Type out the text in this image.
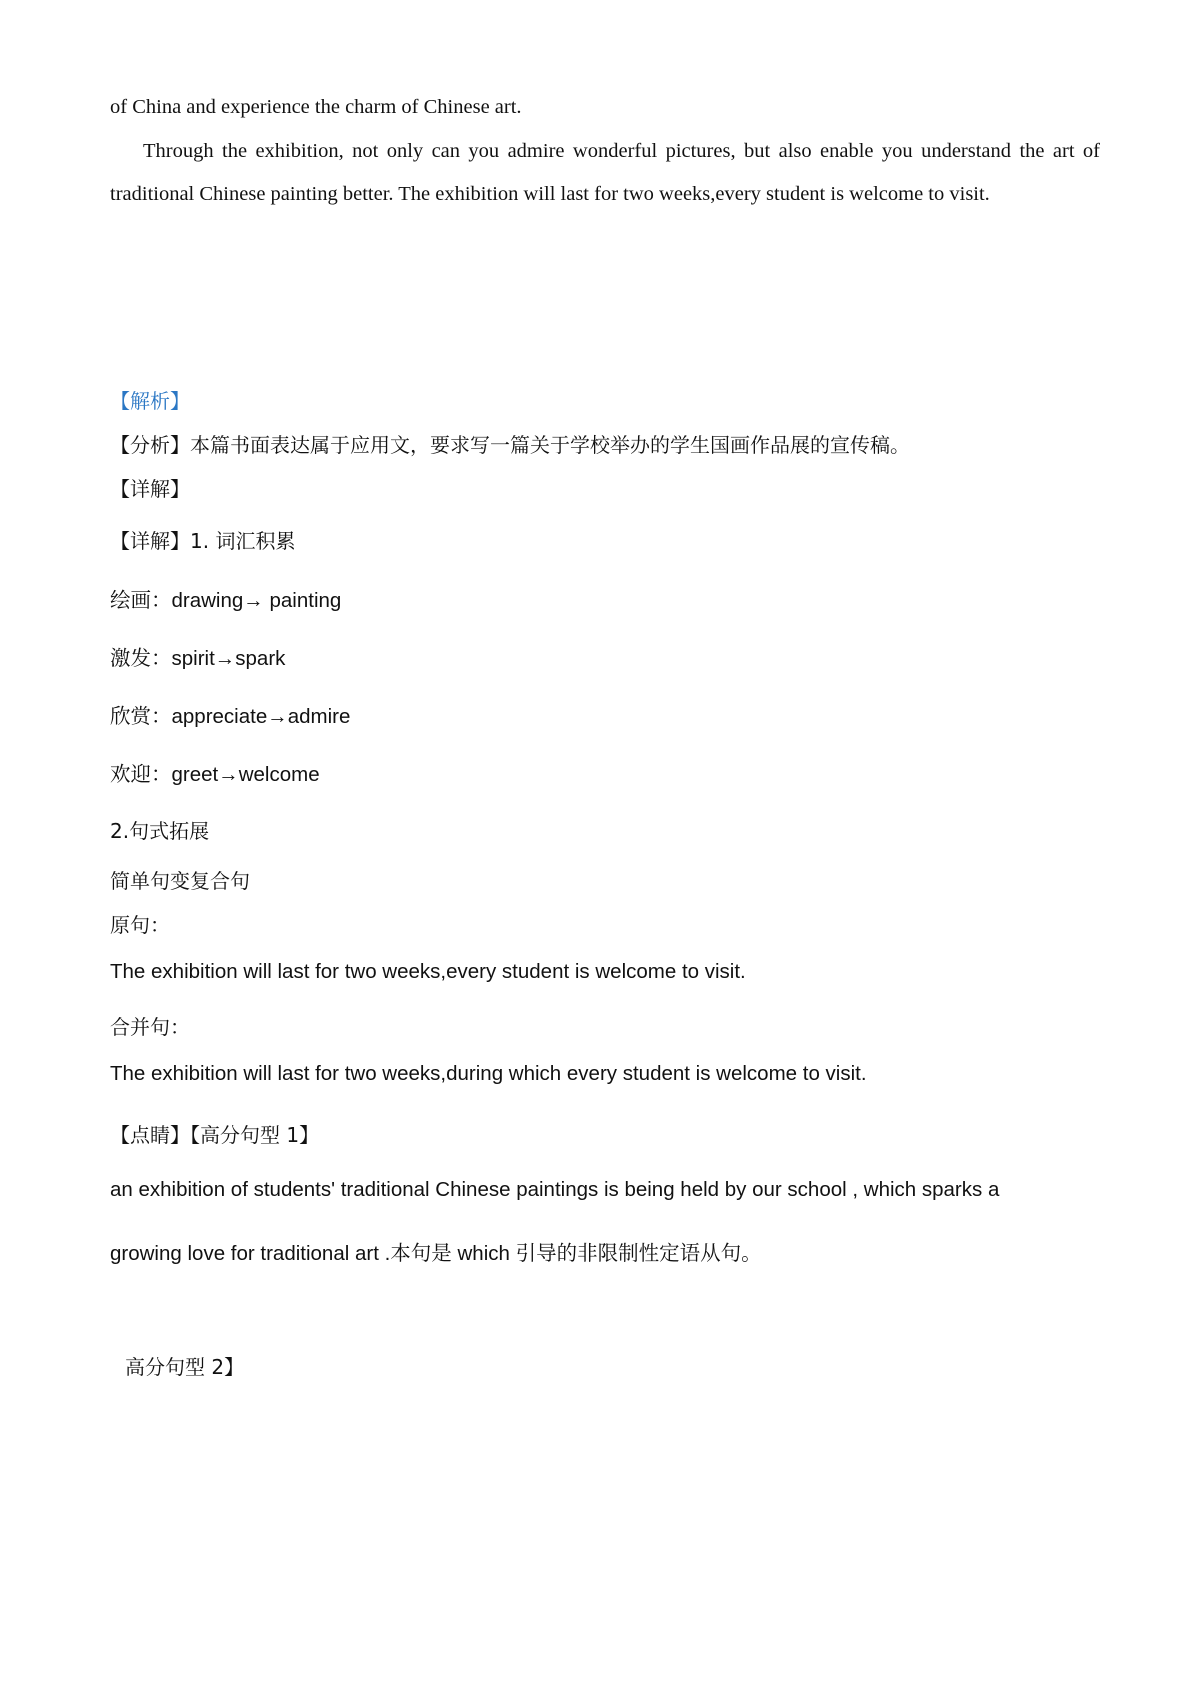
of China and experience the charm of Chinese art.

Through the exhibition, not only can you admire wonderful pictures, but also enable you understand the art of

traditional Chinese painting better. The exhibition will last for two weeks,every student is welcome to visit.

【解析】

【分析】本篇书面表达属于应用文，要求写一篇关于学校举办的学生国画作品展的宣传稿。

【详解】

【详解】1. 词汇积累

绘画：drawing→ painting

激发：spirit→spark

欣赏：appreciate→admire

欢迎：greet→welcome

2.句式拓展

简单句变复合句

原句：

The exhibition will last for two weeks,every student is welcome to visit.

合并句：

The exhibition will last for two weeks,during which every student is welcome to visit.

【点睛】【高分句型 1】

an exhibition of students' traditional Chinese paintings is being held by our school , which sparks a

growing love for traditional art .本句是 which 引导的非限制性定语从句。

高分句型 2】
